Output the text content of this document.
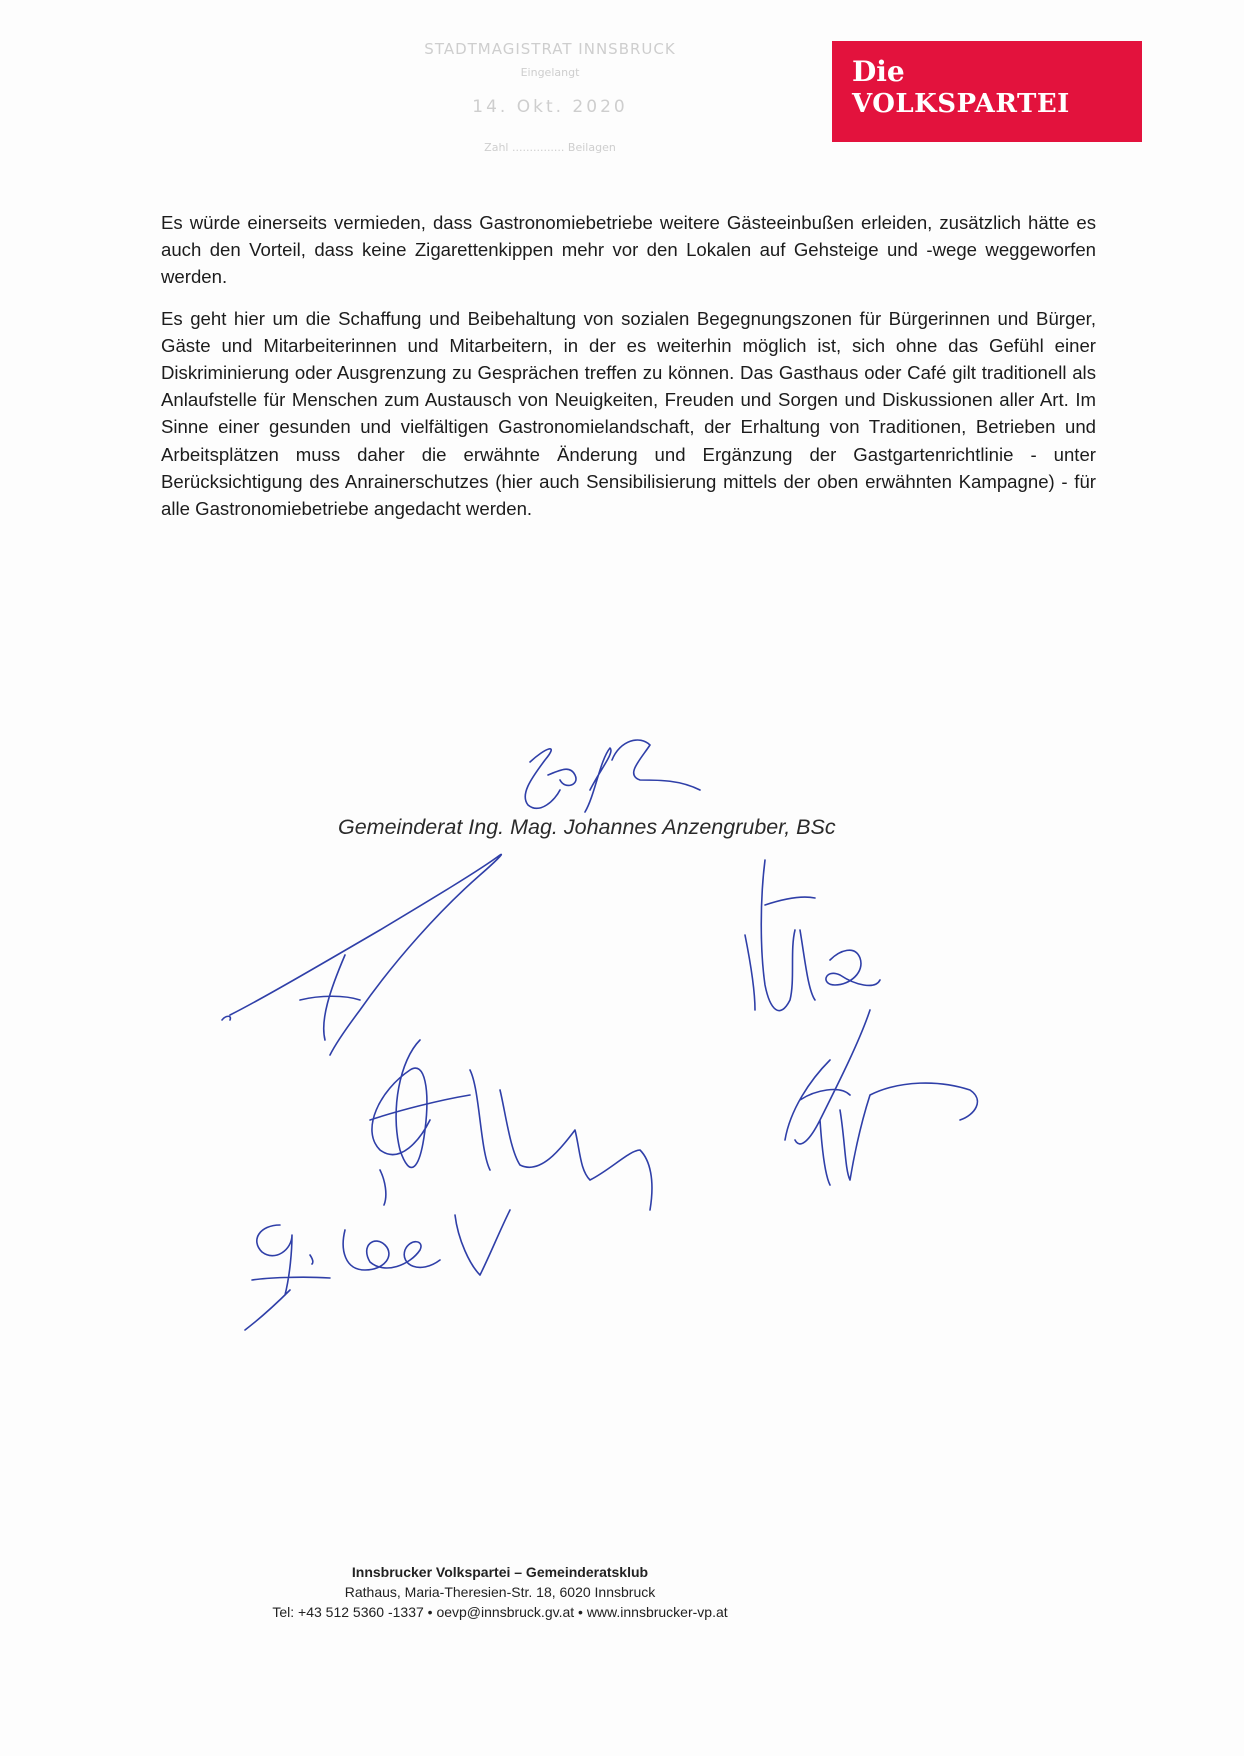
STADTMAGISTRAT INNSBRUCK
Eingelangt
14. Okt. 2020
Zahl ............... Beilagen
Die
VOLKSPARTEI

Es würde einerseits vermieden, dass Gastronomiebetriebe weitere Gästeeinbußen erleiden, zusätzlich hätte es auch den Vorteil, dass keine Zigarettenkippen mehr vor den Lokalen auf Gehsteige und -wege weggeworfen werden.

Es geht hier um die Schaffung und Beibehaltung von sozialen Begegnungszonen für Bürgerinnen und Bürger, Gäste und Mitarbeiterinnen und Mitarbeitern, in der es weiterhin möglich ist, sich ohne das Gefühl einer Diskriminierung oder Ausgrenzung zu Gesprächen treffen zu können. Das Gasthaus oder Café gilt traditionell als Anlaufstelle für Menschen zum Austausch von Neuigkeiten, Freuden und Sorgen und Diskussionen aller Art. Im Sinne einer gesunden und vielfältigen Gastronomielandschaft, der Erhaltung von Traditionen, Betrieben und Arbeitsplätzen muss daher die erwähnte Änderung und Ergänzung der Gastgartenrichtlinie - unter Berücksichtigung des Anrainerschutzes (hier auch Sensibilisierung mittels der oben erwähnten Kampagne) - für alle Gastronomiebetriebe angedacht werden.

Gemeinderat Ing. Mag. Johannes Anzengruber, BSc
Innsbrucker Volkspartei – Gemeinderatsklub
Rathaus, Maria-Theresien-Str. 18, 6020 Innsbruck
Tel: +43 512 5360 -1337 • oevp@innsbruck.gv.at • www.innsbrucker-vp.at
